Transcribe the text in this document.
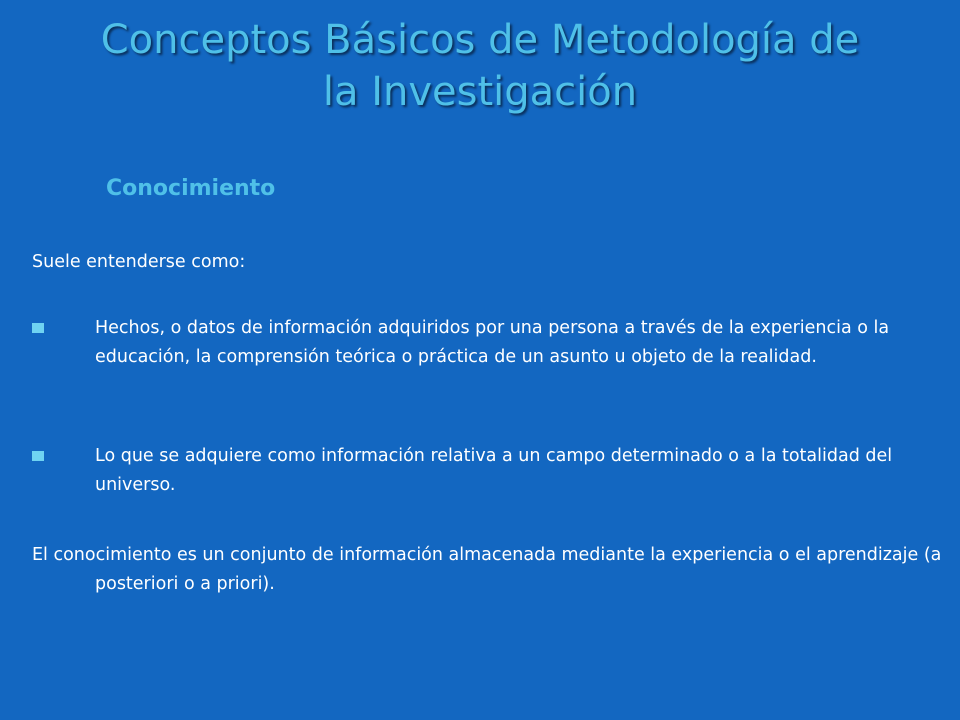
Conceptos Básicos de Metodología de
la Investigación
Conocimiento
Suele entenderse como:
Hechos, o datos de información adquiridos por una persona a través de la experiencia o la educación, la comprensión teórica o práctica de un asunto u objeto de la realidad.
Lo que se adquiere como información relativa a un campo determinado o a la totalidad del universo.
El conocimiento es un conjunto de información almacenada mediante la experiencia o el aprendizaje (a posteriori o a priori).
